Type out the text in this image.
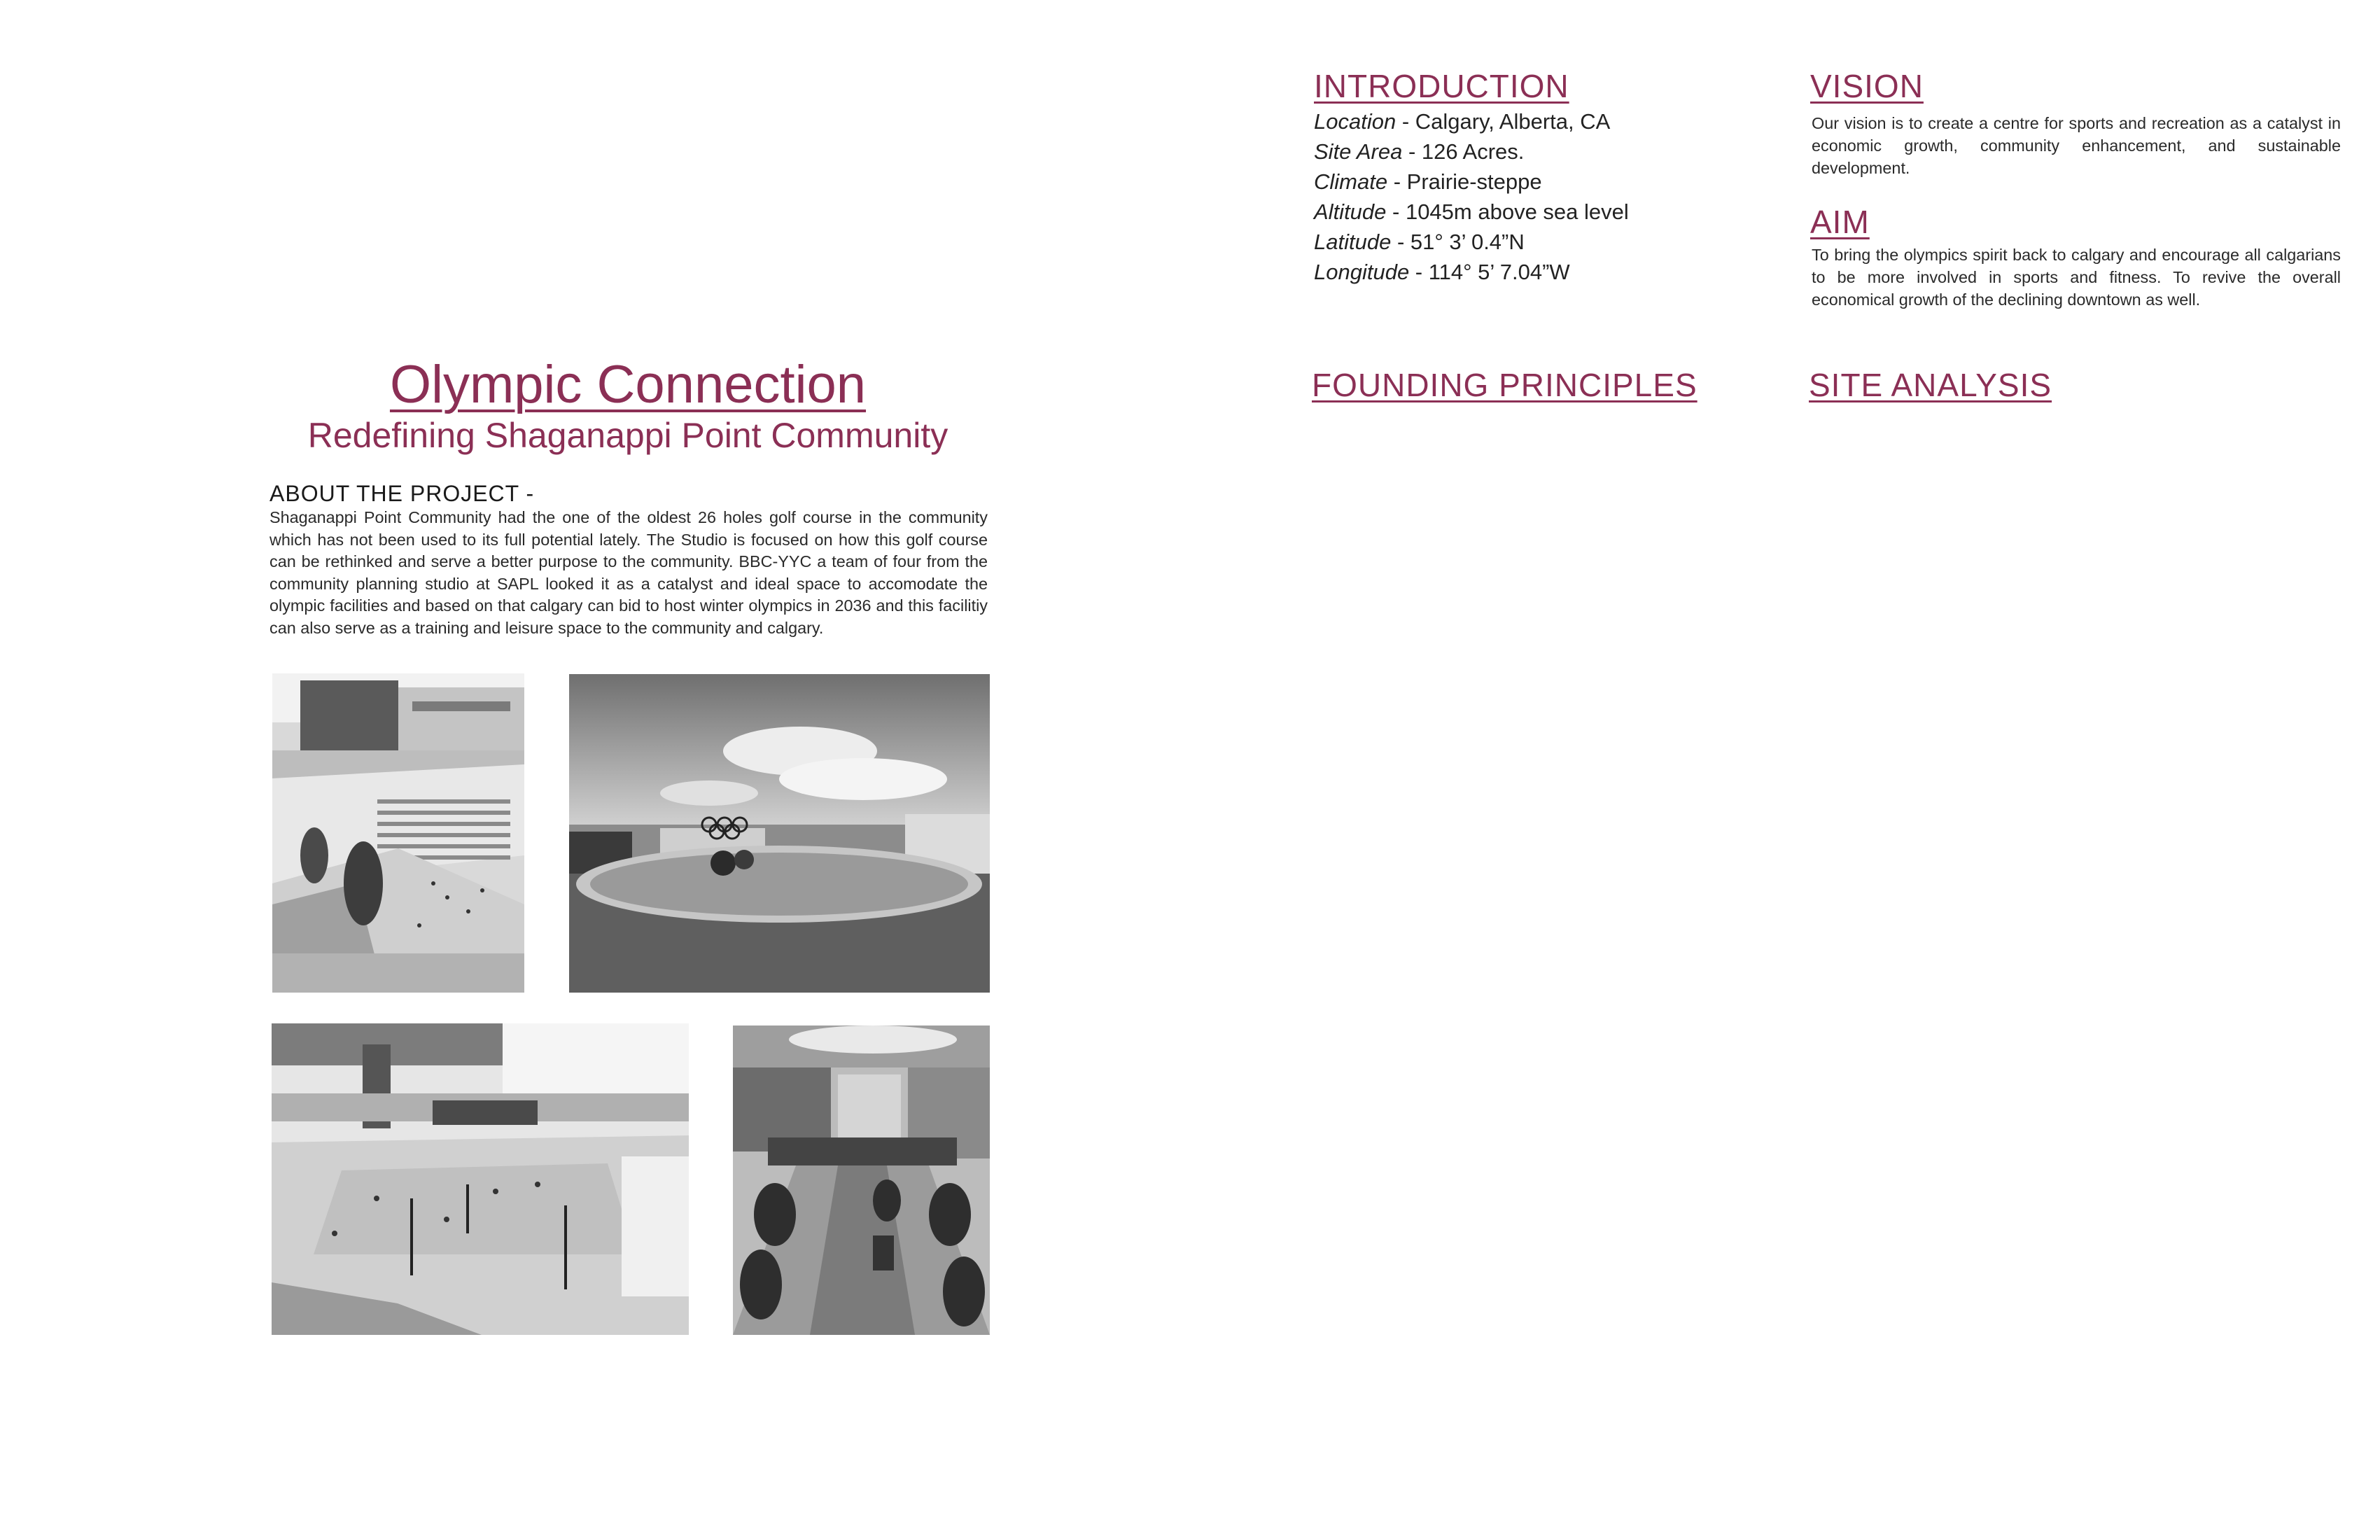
Olympic Connection
Redefining Shaganappi Point Community
ABOUT THE PROJECT -
Shaganappi Point Community had the one of the oldest 26 holes golf course in the community which has not been used to its full potential lately. The Studio is focused on how this golf course can be rethinked and serve a better purpose to the community. BBC-YYC a team of four from the community planning studio at SAPL looked it as a catalyst and ideal space to accomodate the olympic facilities and based on that calgary can bid to host winter olympics in 2036 and this facilitiy can also serve as a training and leisure space to the community and calgary.
INTRODUCTION
Location - Calgary, Alberta, CA
Site Area - 126 Acres.
Climate - Prairie-steppe
Altitude - 1045m above sea level
Latitude - 51° 3’ 0.4”N
Longitude - 114° 5’ 7.04”W
VISION
Our vision is to create a centre for sports and recreation as a catalyst in economic growth, community enhancement, and sustainable development.
AIM
To bring the olympics spirit back to calgary and encourage all calgarians to be more involved in sports and fitness. To revive the overall economical growth of the declining downtown as well.
FOUNDING PRINCIPLES	SITE ANALYSIS
